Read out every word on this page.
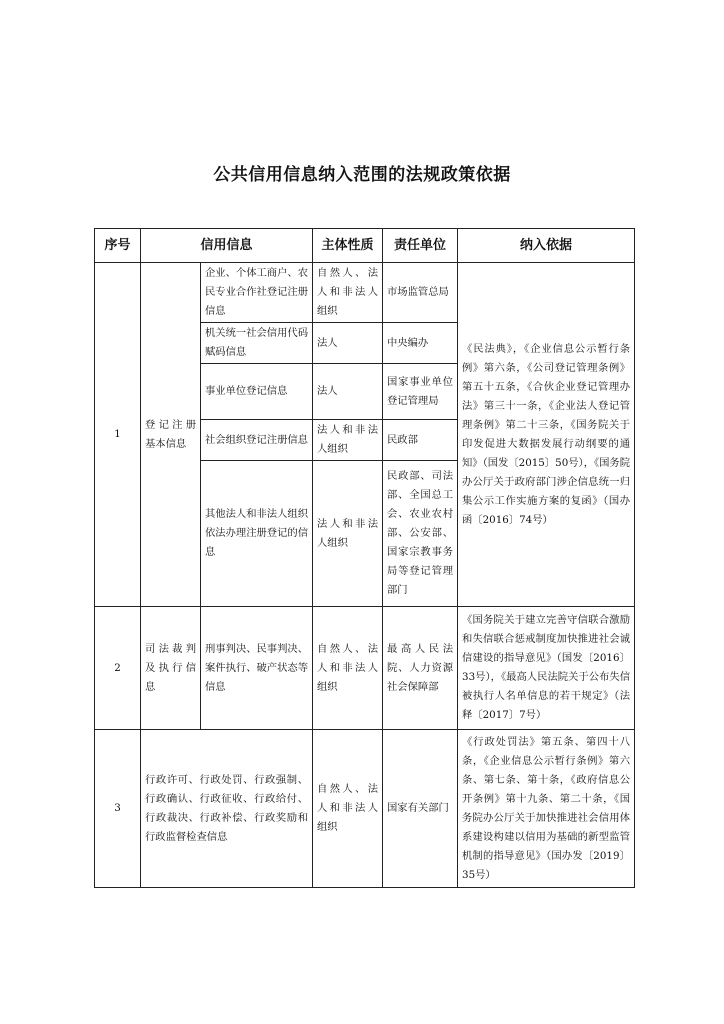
公共信用信息纳入范围的法规政策依据
序号	信用信息		主体性质	责任单位	纳入依据
1	登记注册基本信息	企业、个体工商户、农民专业合作社登记注册信息	自然人、法人和非法人组织	市场监管总局	《民法典》，《企业信息公示暂行条例》第六条，《公司登记管理条例》第五十五条，《合伙企业登记管理办法》第三十一条，《企业法人登记管理条例》第二十三条，《国务院关于印发促进大数据发展行动纲要的通知》（国发〔2015〕50号），《国务院办公厅关于政府部门涉企信息统一归集公示工作实施方案的复函》（国办函〔2016〕74号）
		机关统一社会信用代码赋码信息	法人	中央编办	
		事业单位登记信息	法人	国家事业单位登记管理局	
		社会组织登记注册信息	法人和非法人组织	民政部	
		其他法人和非法人组织依法办理注册登记的信息	法人和非法人组织	民政部、司法部、全国总工会、农业农村部、公安部、国家宗教事务局等登记管理部门	
2	司法裁判及执行信息	刑事判决、民事判决、案件执行、破产状态等信息	自然人、法人和非法人组织	最高人民法院、人力资源社会保障部	《国务院关于建立完善守信联合激励和失信联合惩戒制度加快推进社会诚信建设的指导意见》（国发〔2016〕33号），《最高人民法院关于公布失信被执行人名单信息的若干规定》（法释〔2017〕7号）
3	行政许可、行政处罚、行政强制、行政确认、行政征收、行政给付、行政裁决、行政补偿、行政奖励和行政监督检查信息		自然人、法人和非法人组织	国家有关部门	《行政处罚法》第五条、第四十八条，《企业信息公示暂行条例》第六条、第七条、第十条，《政府信息公开条例》第十九条、第二十条，《国务院办公厅关于加快推进社会信用体系建设构建以信用为基础的新型监管机制的指导意见》（国办发〔2019〕35号）
